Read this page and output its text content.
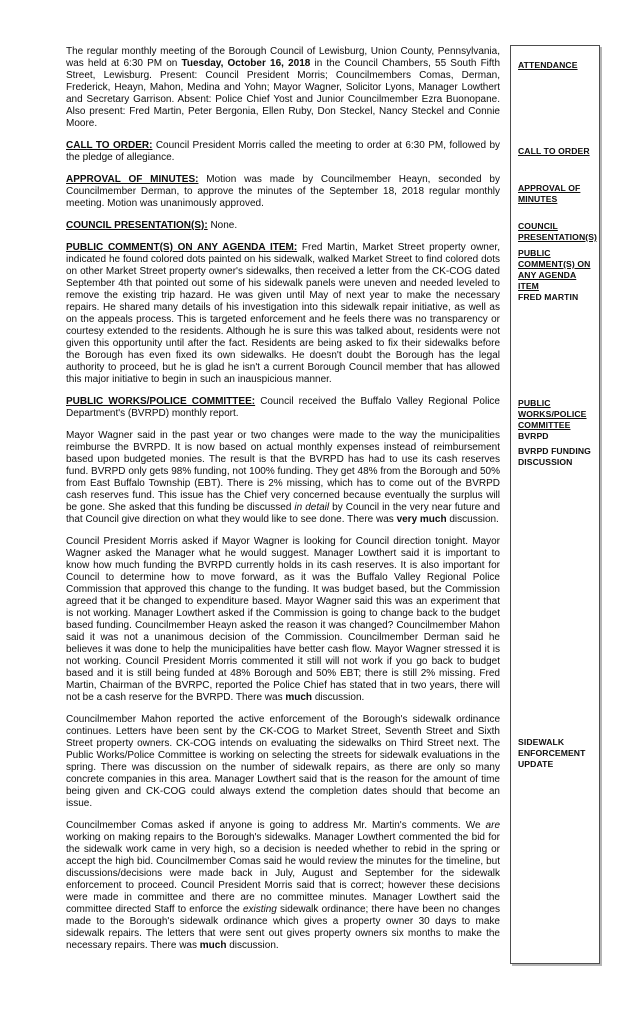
The regular monthly meeting of the Borough Council of Lewisburg, Union County, Pennsylvania, was held at 6:30 PM on Tuesday, October 16, 2018 in the Council Chambers, 55 South Fifth Street, Lewisburg. Present: Council President Morris; Councilmembers Comas, Derman, Frederick, Heayn, Mahon, Medina and Yohn; Mayor Wagner, Solicitor Lyons, Manager Lowthert and Secretary Garrison. Absent: Police Chief Yost and Junior Councilmember Ezra Buonopane. Also present: Fred Martin, Peter Bergonia, Ellen Ruby, Don Steckel, Nancy Steckel and Connie Moore.

CALL TO ORDER: Council President Morris called the meeting to order at 6:30 PM, followed by the pledge of allegiance.

APPROVAL OF MINUTES: Motion was made by Councilmember Heayn, seconded by Councilmember Derman, to approve the minutes of the September 18, 2018 regular monthly meeting. Motion was unanimously approved.

COUNCIL PRESENTATION(S): None.

PUBLIC COMMENT(S) ON ANY AGENDA ITEM: Fred Martin, Market Street property owner, indicated he found colored dots painted on his sidewalk, walked Market Street to find colored dots on other Market Street property owner's sidewalks, then received a letter from the CK-COG dated September 4th that pointed out some of his sidewalk panels were uneven and needed leveled to remove the existing trip hazard. He was given until May of next year to make the necessary repairs. He shared many details of his investigation into this sidewalk repair initiative, as well as on the appeals process. This is targeted enforcement and he feels there was no transparency or courtesy extended to the residents. Although he is sure this was talked about, residents were not given this opportunity until after the fact. Residents are being asked to fix their sidewalks before the Borough has even fixed its own sidewalks. He doesn't doubt the Borough has the legal authority to proceed, but he is glad he isn't a current Borough Council member that has allowed this major initiative to begin in such an inauspicious manner.

PUBLIC WORKS/POLICE COMMITTEE: Council received the Buffalo Valley Regional Police Department's (BVRPD) monthly report.

Mayor Wagner said in the past year or two changes were made to the way the municipalities reimburse the BVRPD. It is now based on actual monthly expenses instead of reimbursement based upon budgeted monies. The result is that the BVRPD has had to use its cash reserves fund. BVRPD only gets 98% funding, not 100% funding. They get 48% from the Borough and 50% from East Buffalo Township (EBT). There is 2% missing, which has to come out of the BVRPD cash reserves fund. This issue has the Chief very concerned because eventually the surplus will be gone. She asked that this funding be discussed in detail by Council in the very near future and that Council give direction on what they would like to see done. There was very much discussion.

Council President Morris asked if Mayor Wagner is looking for Council direction tonight. Mayor Wagner asked the Manager what he would suggest. Manager Lowthert said it is important to know how much funding the BVRPD currently holds in its cash reserves. It is also important for Council to determine how to move forward, as it was the Buffalo Valley Regional Police Commission that approved this change to the funding. It was budget based, but the Commission agreed that it be changed to expenditure based. Mayor Wagner said this was an experiment that is not working. Manager Lowthert asked if the Commission is going to change back to the budget based funding. Councilmember Heayn asked the reason it was changed? Councilmember Mahon said it was not a unanimous decision of the Commission. Councilmember Derman said he believes it was done to help the municipalities have better cash flow. Mayor Wagner stressed it is not working. Council President Morris commented it still will not work if you go back to budget based and it is still being funded at 48% Borough and 50% EBT; there is still 2% missing. Fred Martin, Chairman of the BVRPC, reported the Police Chief has stated that in two years, there will not be a cash reserve for the BVRPD. There was much discussion.

Councilmember Mahon reported the active enforcement of the Borough's sidewalk ordinance continues. Letters have been sent by the CK-COG to Market Street, Seventh Street and Sixth Street property owners. CK-COG intends on evaluating the sidewalks on Third Street next. The Public Works/Police Committee is working on selecting the streets for sidewalk evaluations in the spring. There was discussion on the number of sidewalk repairs, as there are only so many concrete companies in this area. Manager Lowthert said that is the reason for the amount of time being given and CK-COG could always extend the completion dates should that become an issue.

Councilmember Comas asked if anyone is going to address Mr. Martin's comments. We are working on making repairs to the Borough's sidewalks. Manager Lowthert commented the bid for the sidewalk work came in very high, so a decision is needed whether to rebid in the spring or accept the high bid. Councilmember Comas said he would review the minutes for the timeline, but discussions/decisions were made back in July, August and September for the sidewalk enforcement to proceed. Council President Morris said that is correct; however these decisions were made in committee and there are no committee minutes. Manager Lowthert said the committee directed Staff to enforce the existing sidewalk ordinance; there have been no changes made to the Borough's sidewalk ordinance which gives a property owner 30 days to make sidewalk repairs. The letters that were sent out gives property owners six months to make the necessary repairs. There was much discussion.

ATTENDANCE
CALL TO ORDER
APPROVAL OF
MINUTES
COUNCIL
PRESENTATION(S)
PUBLIC
COMMENT(S) ON
ANY AGENDA
ITEM
FRED MARTIN
PUBLIC
WORKS/POLICE
COMMITTEE
BVRPD
BVRPD FUNDING
DISCUSSION
SIDEWALK
ENFORCEMENT
UPDATE
